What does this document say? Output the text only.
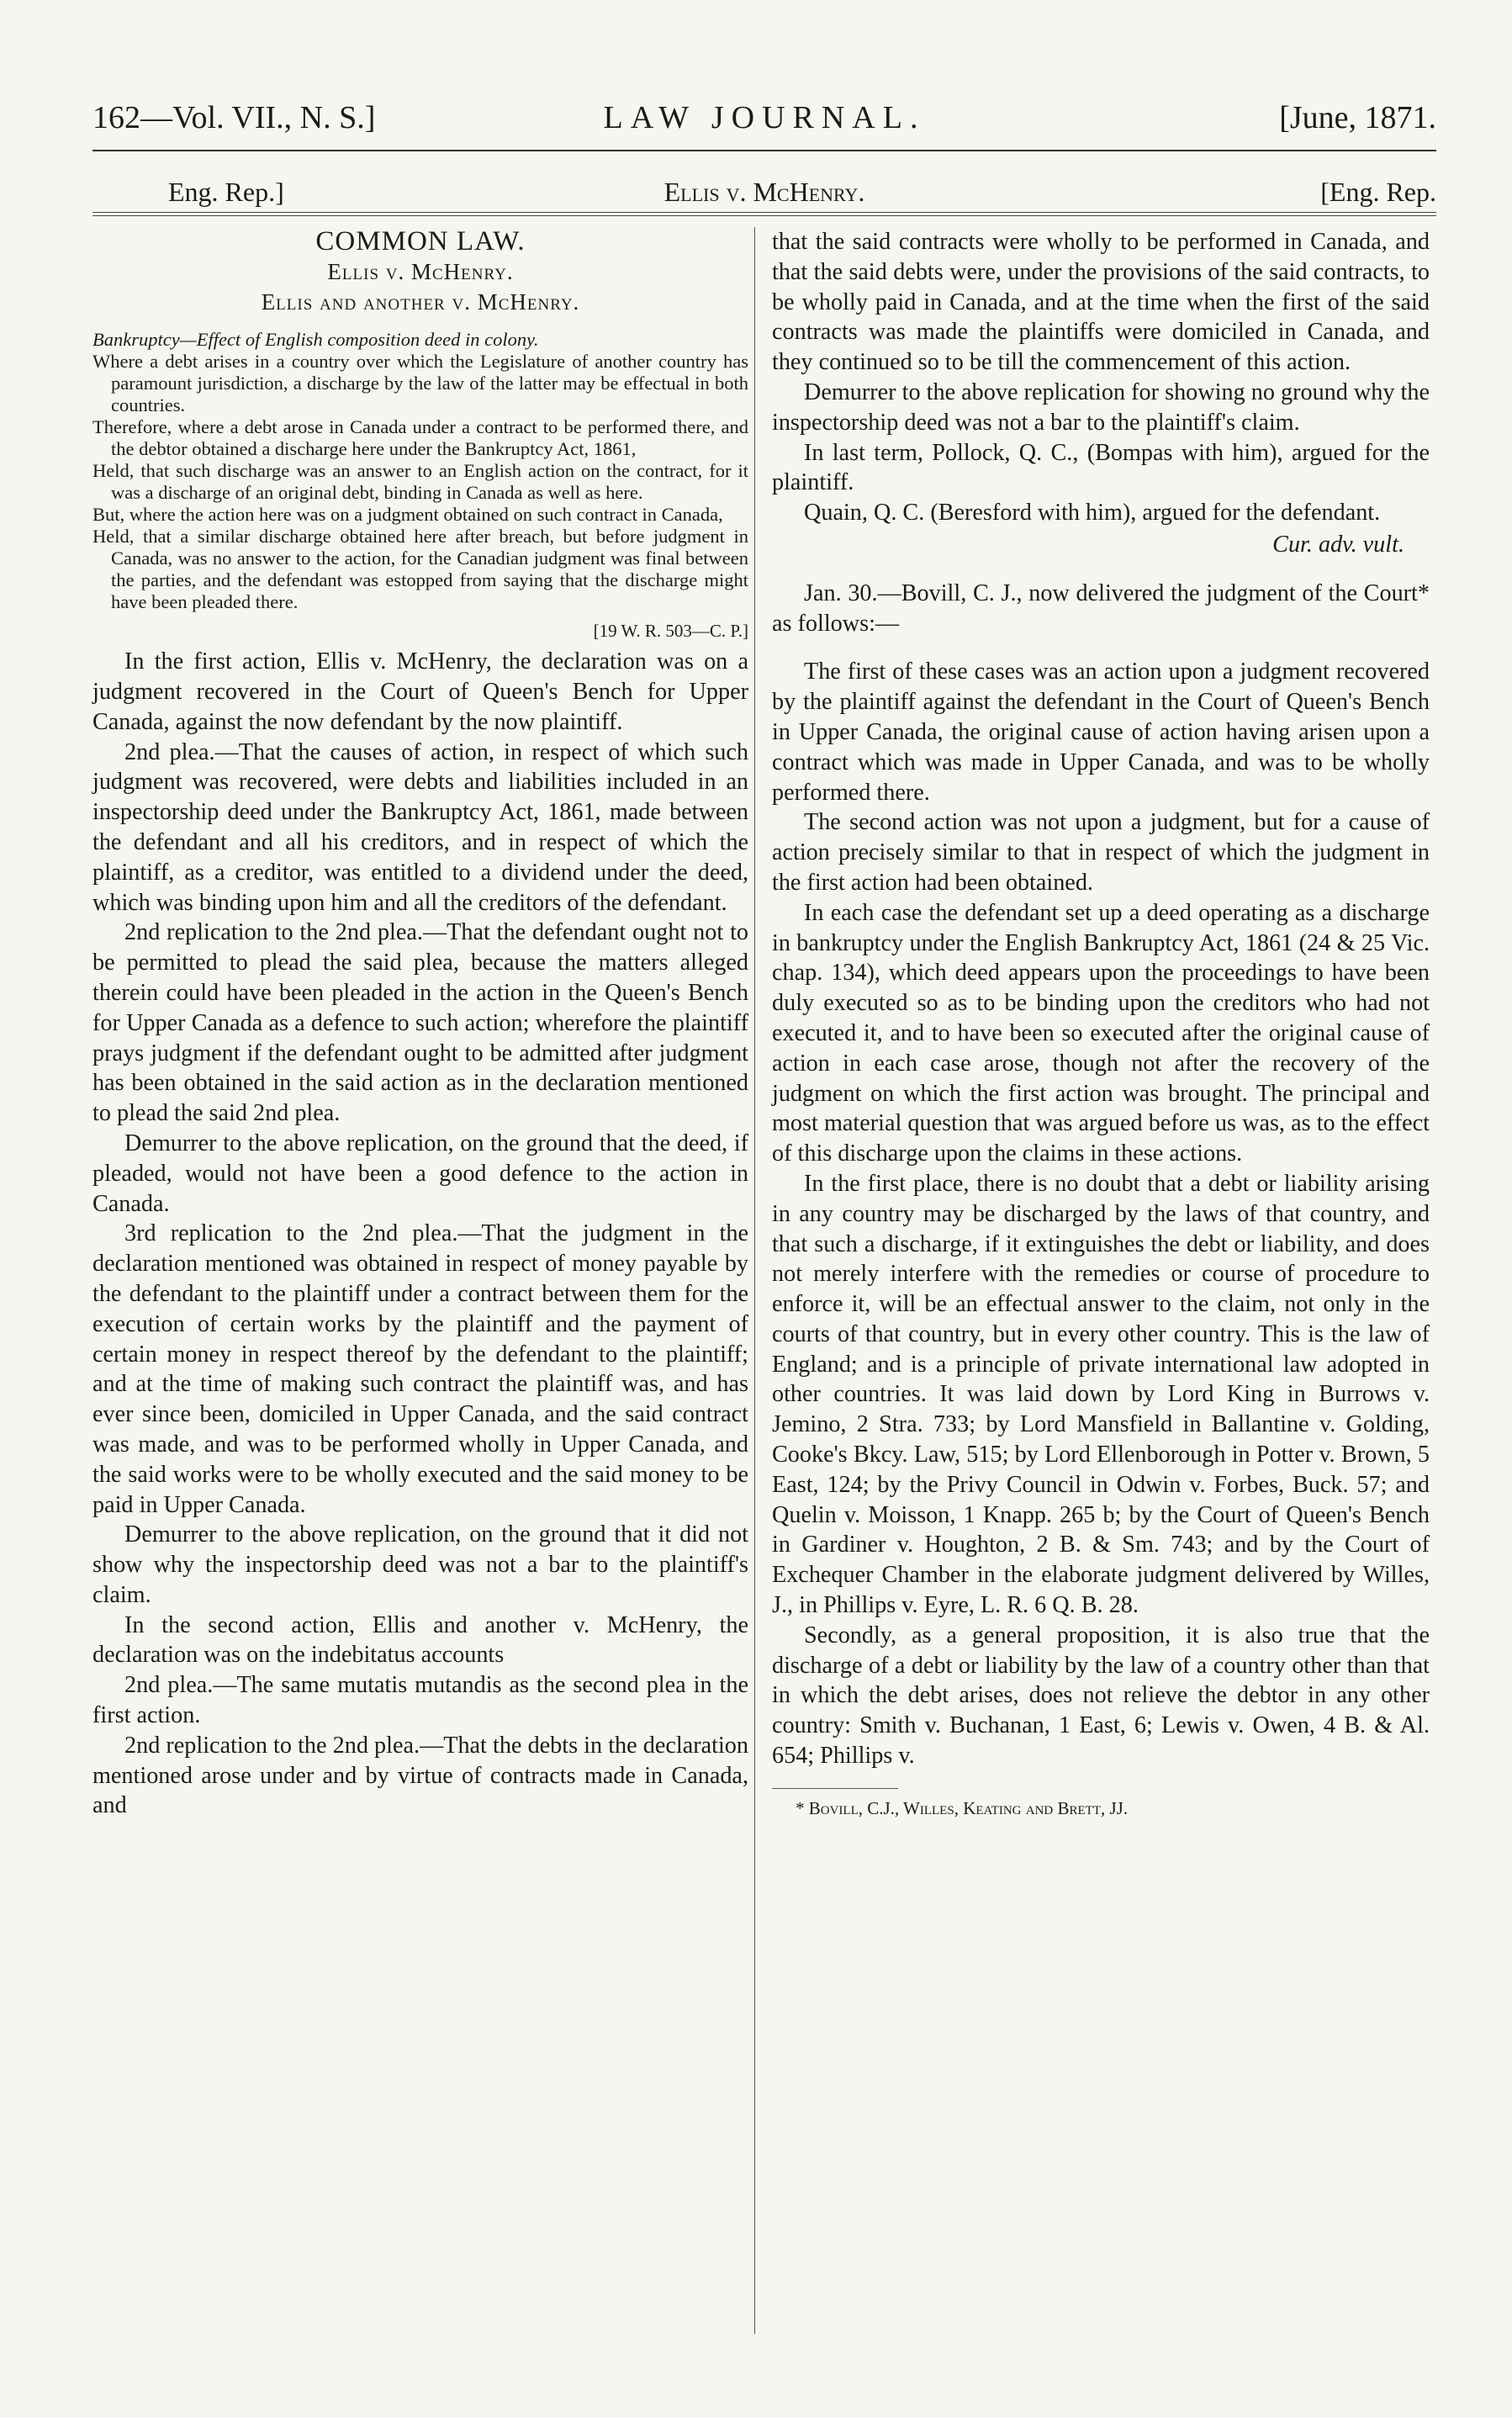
162—Vol. VII., N. S.]	LAW JOURNAL.	[June, 1871.
Eng. Rep.]	Ellis v. McHenry.	[Eng. Rep.

COMMON LAW.

Ellis v. McHenry.

Ellis and another v. McHenry.

Bankruptcy—Effect of English composition deed in colony.

Where a debt arises in a country over which the Legislature of another country has paramount jurisdiction, a discharge by the law of the latter may be effectual in both countries.

Therefore, where a debt arose in Canada under a contract to be performed there, and the debtor obtained a discharge here under the Bankruptcy Act, 1861,

Held, that such discharge was an answer to an English action on the contract, for it was a discharge of an original debt, binding in Canada as well as here.

But, where the action here was on a judgment obtained on such contract in Canada,

Held, that a similar discharge obtained here after breach, but before judgment in Canada, was no answer to the action, for the Canadian judgment was final between the parties, and the defendant was estopped from saying that the discharge might have been pleaded there.

[19 W. R. 503—C. P.]

In the first action, Ellis v. McHenry, the declaration was on a judgment recovered in the Court of Queen's Bench for Upper Canada, against the now defendant by the now plaintiff.

2nd plea.—That the causes of action, in respect of which such judgment was recovered, were debts and liabilities included in an inspectorship deed under the Bankruptcy Act, 1861, made between the defendant and all his creditors, and in respect of which the plaintiff, as a creditor, was entitled to a dividend under the deed, which was binding upon him and all the creditors of the defendant.

2nd replication to the 2nd plea.—That the defendant ought not to be permitted to plead the said plea, because the matters alleged therein could have been pleaded in the action in the Queen's Bench for Upper Canada as a defence to such action; wherefore the plaintiff prays judgment if the defendant ought to be admitted after judgment has been obtained in the said action as in the declaration mentioned to plead the said 2nd plea.

Demurrer to the above replication, on the ground that the deed, if pleaded, would not have been a good defence to the action in Canada.

3rd replication to the 2nd plea.—That the judgment in the declaration mentioned was obtained in respect of money payable by the defendant to the plaintiff under a contract between them for the execution of certain works by the plaintiff and the payment of certain money in respect thereof by the defendant to the plaintiff; and at the time of making such contract the plaintiff was, and has ever since been, domiciled in Upper Canada, and the said contract was made, and was to be performed wholly in Upper Canada, and the said works were to be wholly executed and the said money to be paid in Upper Canada.

Demurrer to the above replication, on the ground that it did not show why the inspectorship deed was not a bar to the plaintiff's claim.

In the second action, Ellis and another v. McHenry, the declaration was on the indebitatus accounts

2nd plea.—The same mutatis mutandis as the second plea in the first action.

2nd replication to the 2nd plea.—That the debts in the declaration mentioned arose under and by virtue of contracts made in Canada, and

that the said contracts were wholly to be performed in Canada, and that the said debts were, under the provisions of the said contracts, to be wholly paid in Canada, and at the time when the first of the said contracts was made the plaintiffs were domiciled in Canada, and they continued so to be till the commencement of this action.

Demurrer to the above replication for showing no ground why the inspectorship deed was not a bar to the plaintiff's claim.

In last term, Pollock, Q. C., (Bompas with him), argued for the plaintiff.

Quain, Q. C. (Beresford with him), argued for the defendant.

Cur. adv. vult.

Jan. 30.—Bovill, C. J., now delivered the judgment of the Court* as follows:—

The first of these cases was an action upon a judgment recovered by the plaintiff against the defendant in the Court of Queen's Bench in Upper Canada, the original cause of action having arisen upon a contract which was made in Upper Canada, and was to be wholly performed there.

The second action was not upon a judgment, but for a cause of action precisely similar to that in respect of which the judgment in the first action had been obtained.

In each case the defendant set up a deed operating as a discharge in bankruptcy under the English Bankruptcy Act, 1861 (24 & 25 Vic. chap. 134), which deed appears upon the proceedings to have been duly executed so as to be binding upon the creditors who had not executed it, and to have been so executed after the original cause of action in each case arose, though not after the recovery of the judgment on which the first action was brought. The principal and most material question that was argued before us was, as to the effect of this discharge upon the claims in these actions.

In the first place, there is no doubt that a debt or liability arising in any country may be discharged by the laws of that country, and that such a discharge, if it extinguishes the debt or liability, and does not merely interfere with the remedies or course of procedure to enforce it, will be an effectual answer to the claim, not only in the courts of that country, but in every other country. This is the law of England; and is a principle of private international law adopted in other countries. It was laid down by Lord King in Burrows v. Jemino, 2 Stra. 733; by Lord Mansfield in Ballantine v. Golding, Cooke's Bkcy. Law, 515; by Lord Ellenborough in Potter v. Brown, 5 East, 124; by the Privy Council in Odwin v. Forbes, Buck. 57; and Quelin v. Moisson, 1 Knapp. 265 b; by the Court of Queen's Bench in Gardiner v. Houghton, 2 B. & Sm. 743; and by the Court of Exchequer Chamber in the elaborate judgment delivered by Willes, J., in Phillips v. Eyre, L. R. 6 Q. B. 28.

Secondly, as a general proposition, it is also true that the discharge of a debt or liability by the law of a country other than that in which the debt arises, does not relieve the debtor in any other country: Smith v. Buchanan, 1 East, 6; Lewis v. Owen, 4 B. & Al. 654; Phillips v.

* Bovill, C.J., Willes, Keating and Brett, JJ.
